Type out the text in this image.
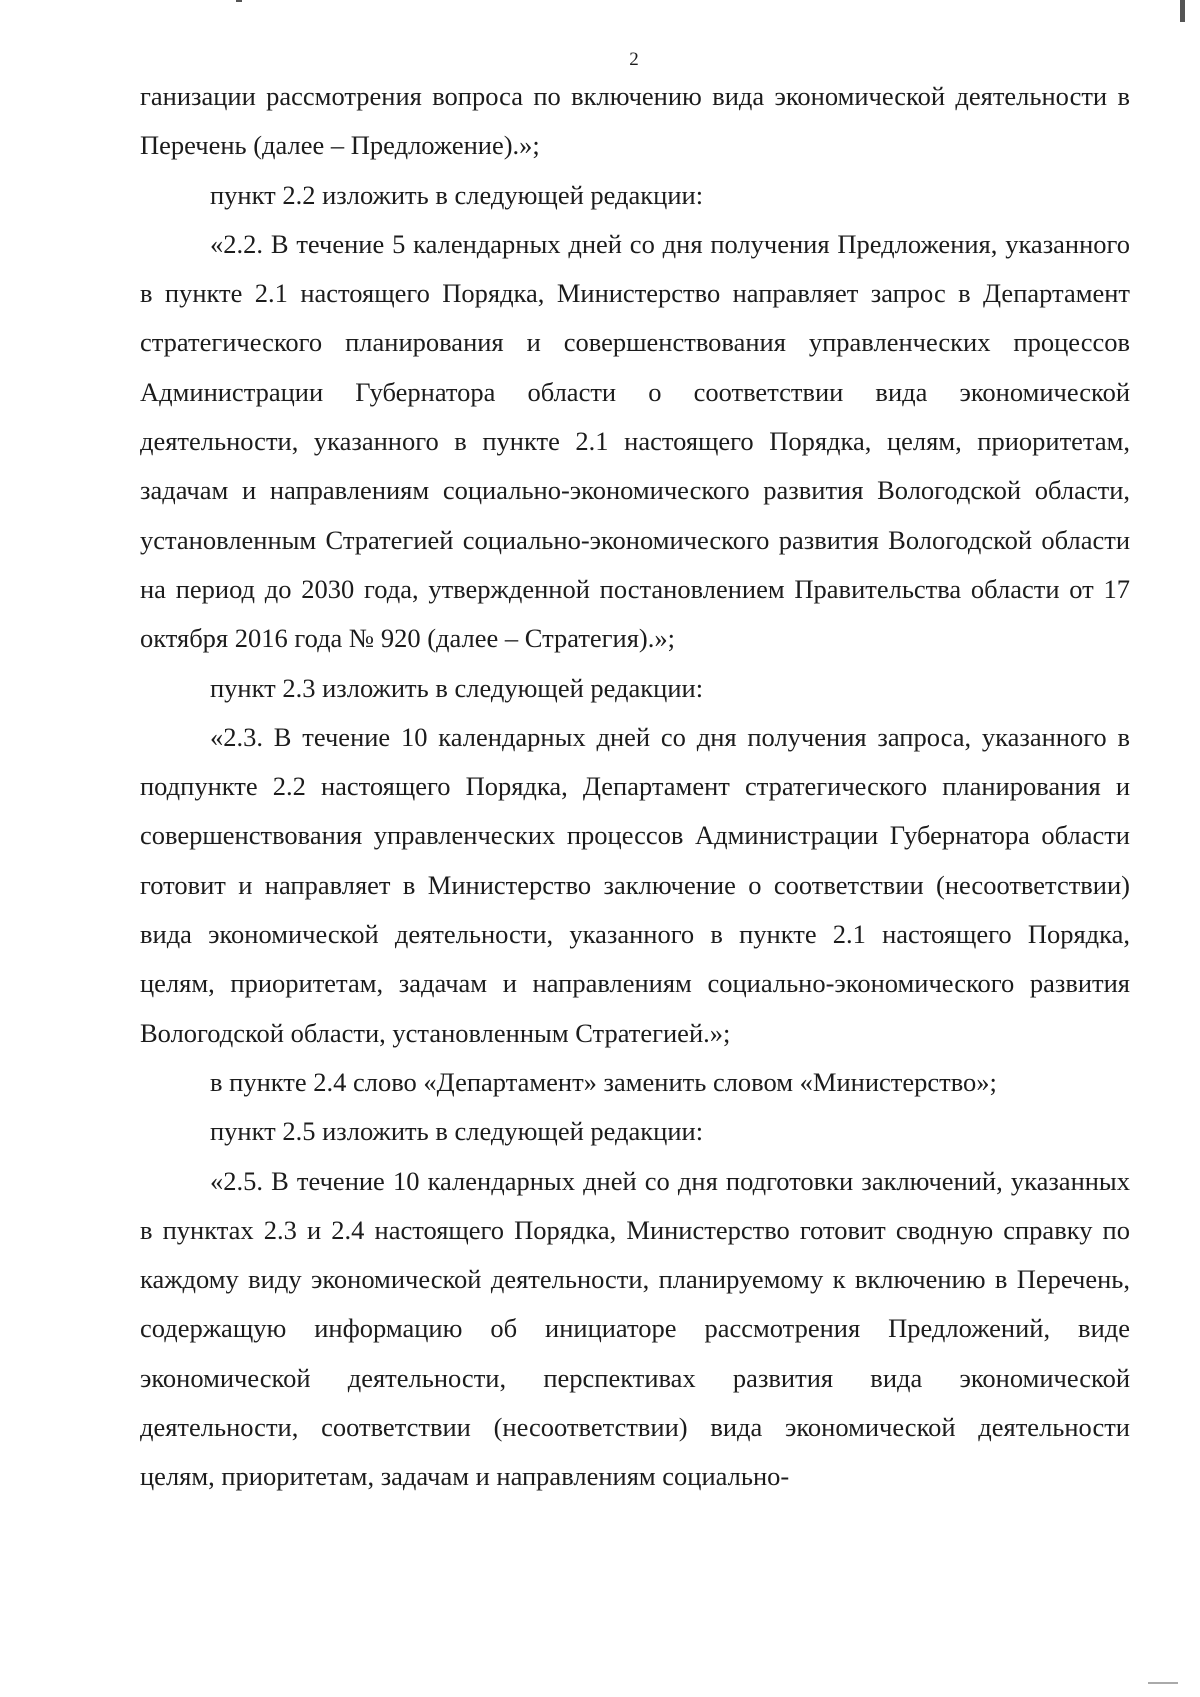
2

ганизации рассмотрения вопроса по включению вида экономической деятельности в Перечень (далее – Предложение).»;

пункт 2.2 изложить в следующей редакции:

«2.2. В течение 5 календарных дней со дня получения Предложения, указанного в пункте 2.1 настоящего Порядка, Министерство направляет запрос в Департамент стратегического планирования и совершенствования управленческих процессов Администрации Губернатора области о соответствии вида экономической деятельности, указанного в пункте 2.1 настоящего Порядка, целям, приоритетам, задачам и направлениям социально-экономического развития Вологодской области, установленным Стратегией социально-экономического развития Вологодской области на период до 2030 года, утвержденной постановлением Правительства области от 17 октября 2016 года № 920 (далее – Стратегия).»;

пункт 2.3 изложить в следующей редакции:

«2.3. В течение 10 календарных дней со дня получения запроса, указанного в подпункте 2.2 настоящего Порядка, Департамент стратегического планирования и совершенствования управленческих процессов Администрации Губернатора области готовит и направляет в Министерство заключение о соответствии (несоответствии) вида экономической деятельности, указанного в пункте 2.1 настоящего Порядка, целям, приоритетам, задачам и направлениям социально-экономического развития Вологодской области, установленным Стратегией.»;

в пункте 2.4 слово «Департамент» заменить словом «Министерство»;

пункт 2.5 изложить в следующей редакции:

«2.5. В течение 10 календарных дней со дня подготовки заключений, указанных в пунктах 2.3 и 2.4 настоящего Порядка, Министерство готовит сводную справку по каждому виду экономической деятельности, планируемому к включению в Перечень, содержащую информацию об инициаторе рассмотрения Предложений, виде экономической деятельности, перспективах развития вида экономической деятельности, соответствии (несоответствии) вида экономической деятельности целям, приоритетам, задачам и направлениям социально-
